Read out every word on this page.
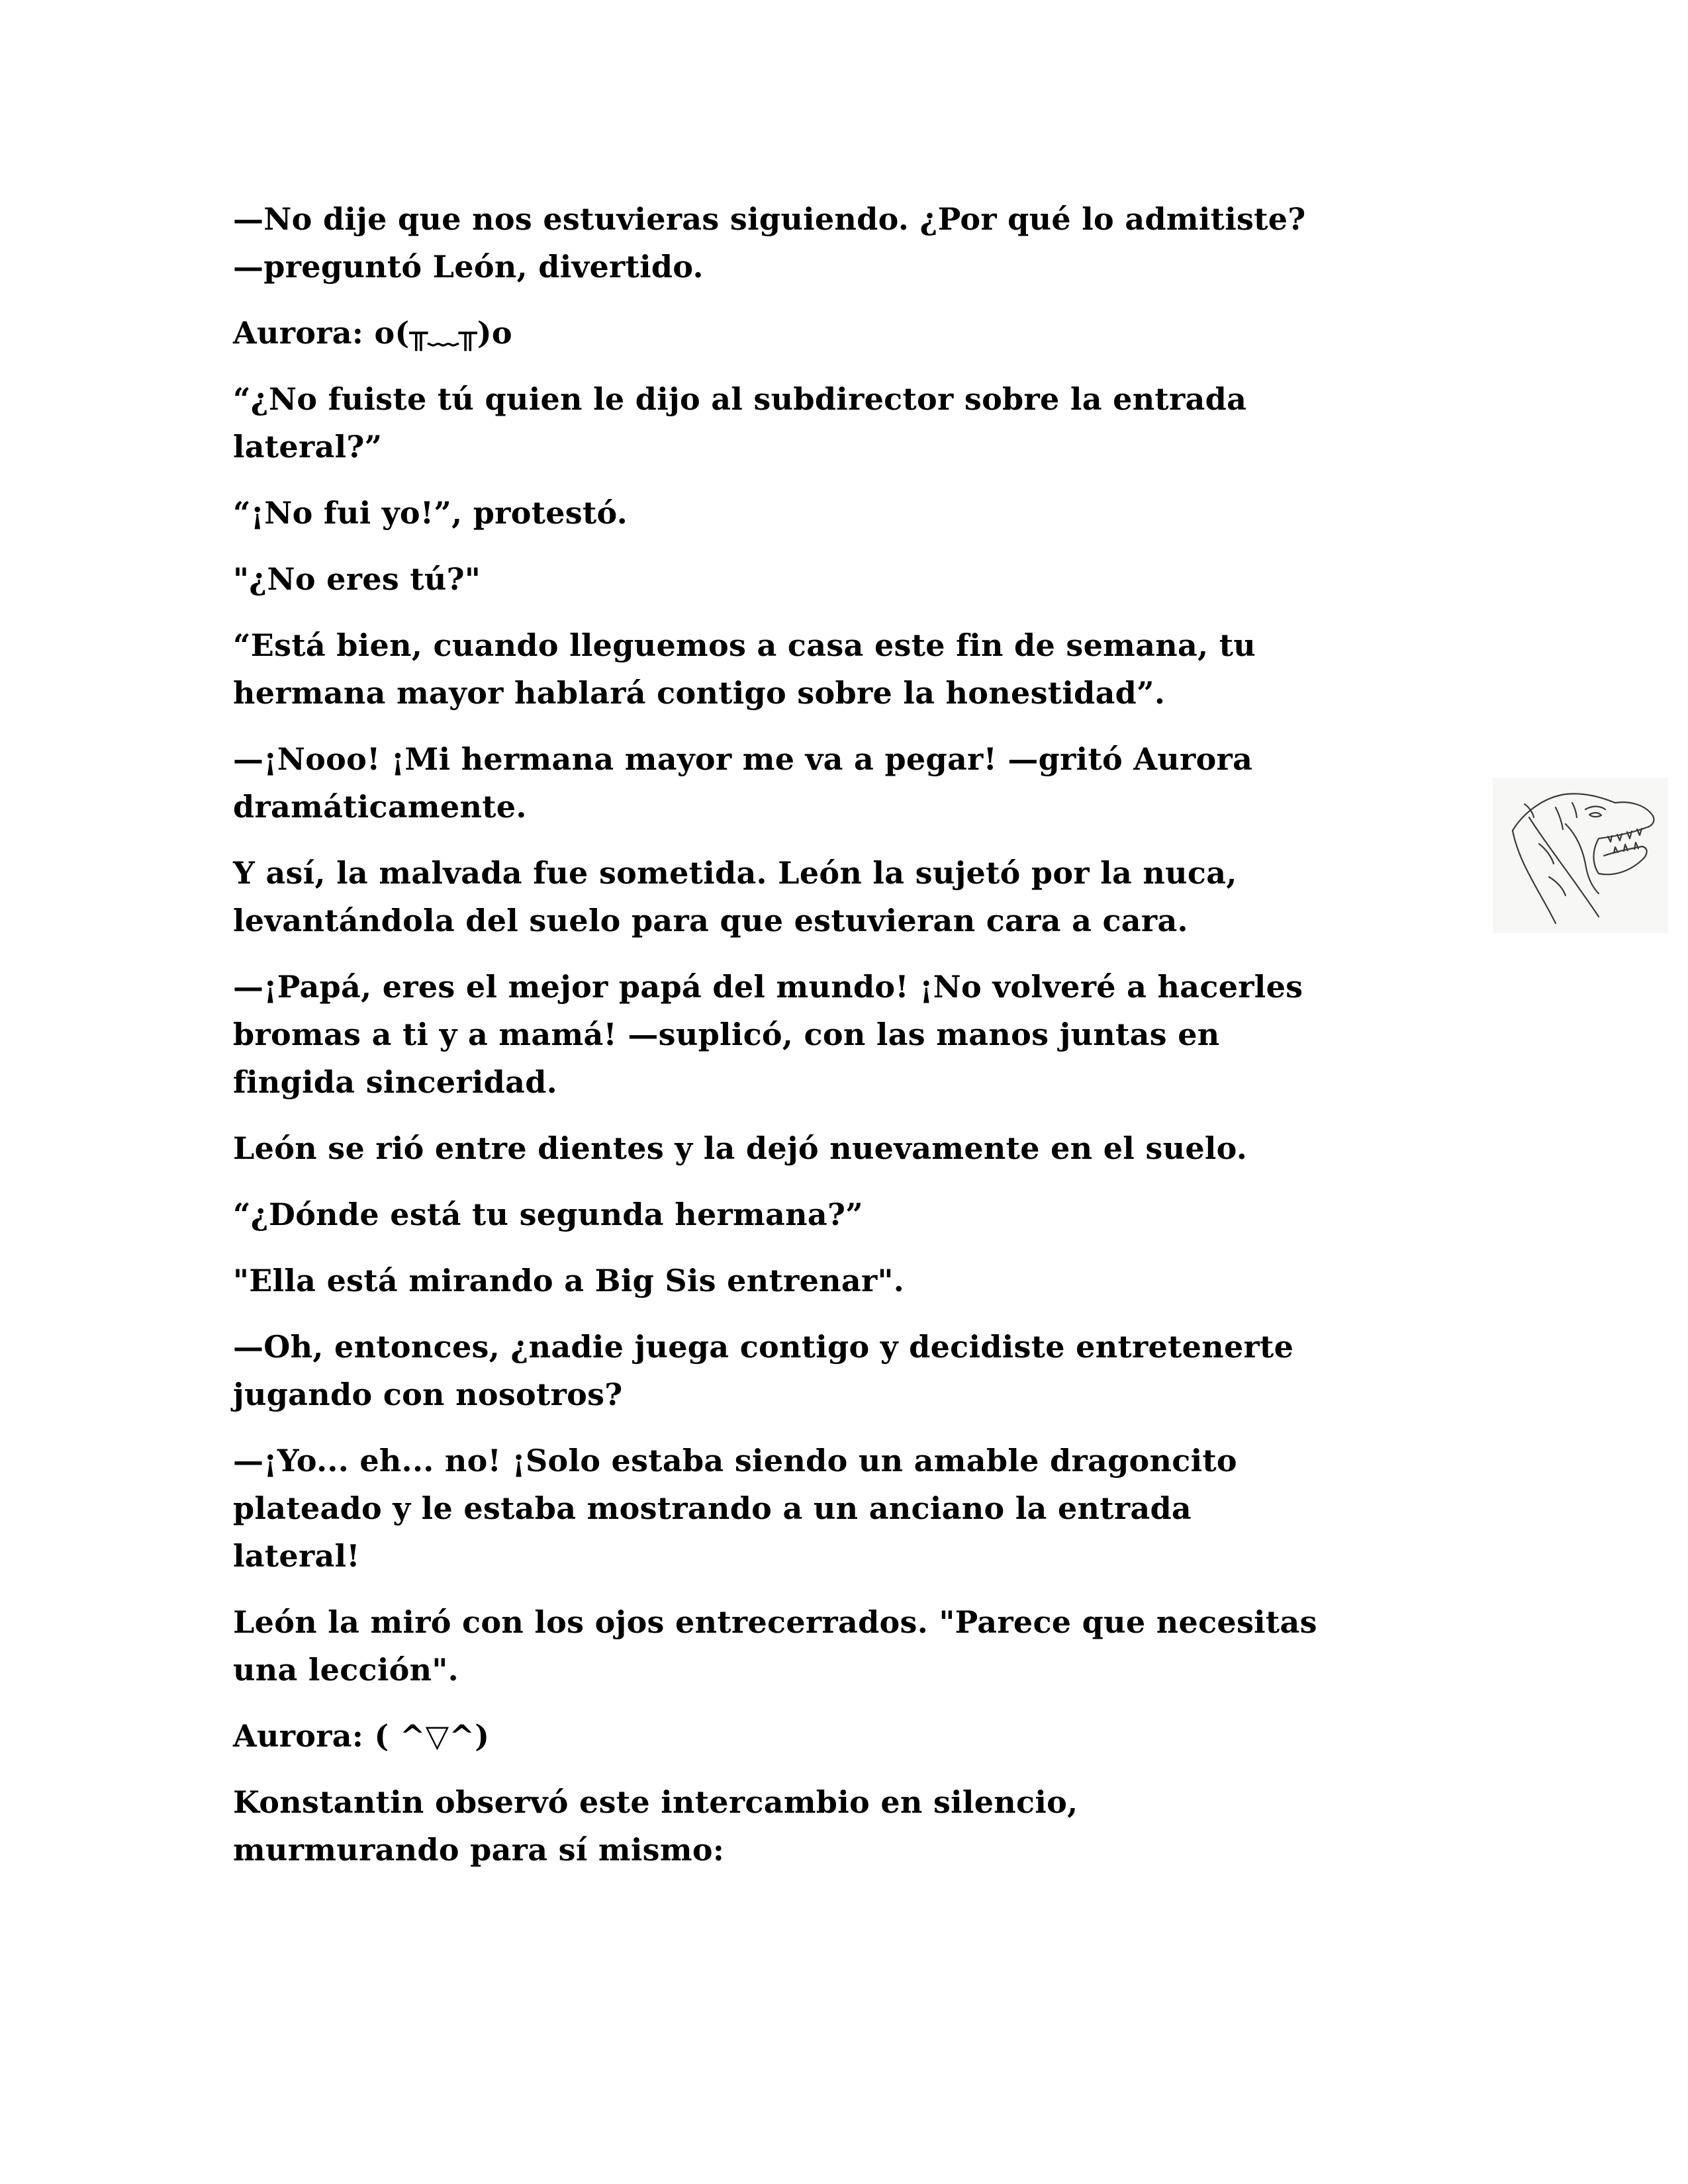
—No dije que nos estuvieras siguiendo. ¿Por qué lo admitiste?
—preguntó León, divertido.

Aurora: o(╥﹏╥)o

“¿No fuiste tú quien le dijo al subdirector sobre la entrada
lateral?”

“¡No fui yo!”, protestó.

"¿No eres tú?"

“Está bien, cuando lleguemos a casa este fin de semana, tu
hermana mayor hablará contigo sobre la honestidad”.

—¡Nooo! ¡Mi hermana mayor me va a pegar! —gritó Aurora
dramáticamente.

Y así, la malvada fue sometida. León la sujetó por la nuca,
levantándola del suelo para que estuvieran cara a cara.

—¡Papá, eres el mejor papá del mundo! ¡No volveré a hacerles
bromas a ti y a mamá! —suplicó, con las manos juntas en
fingida sinceridad.

León se rió entre dientes y la dejó nuevamente en el suelo.

“¿Dónde está tu segunda hermana?”

"Ella está mirando a Big Sis entrenar".

—Oh, entonces, ¿nadie juega contigo y decidiste entretenerte
jugando con nosotros?

—¡Yo... eh... no! ¡Solo estaba siendo un amable dragoncito
plateado y le estaba mostrando a un anciano la entrada
lateral!

León la miró con los ojos entrecerrados. "Parece que necesitas
una lección".

Aurora: ( ^▽^)

Konstantin observó este intercambio en silencio,
murmurando para sí mismo:
